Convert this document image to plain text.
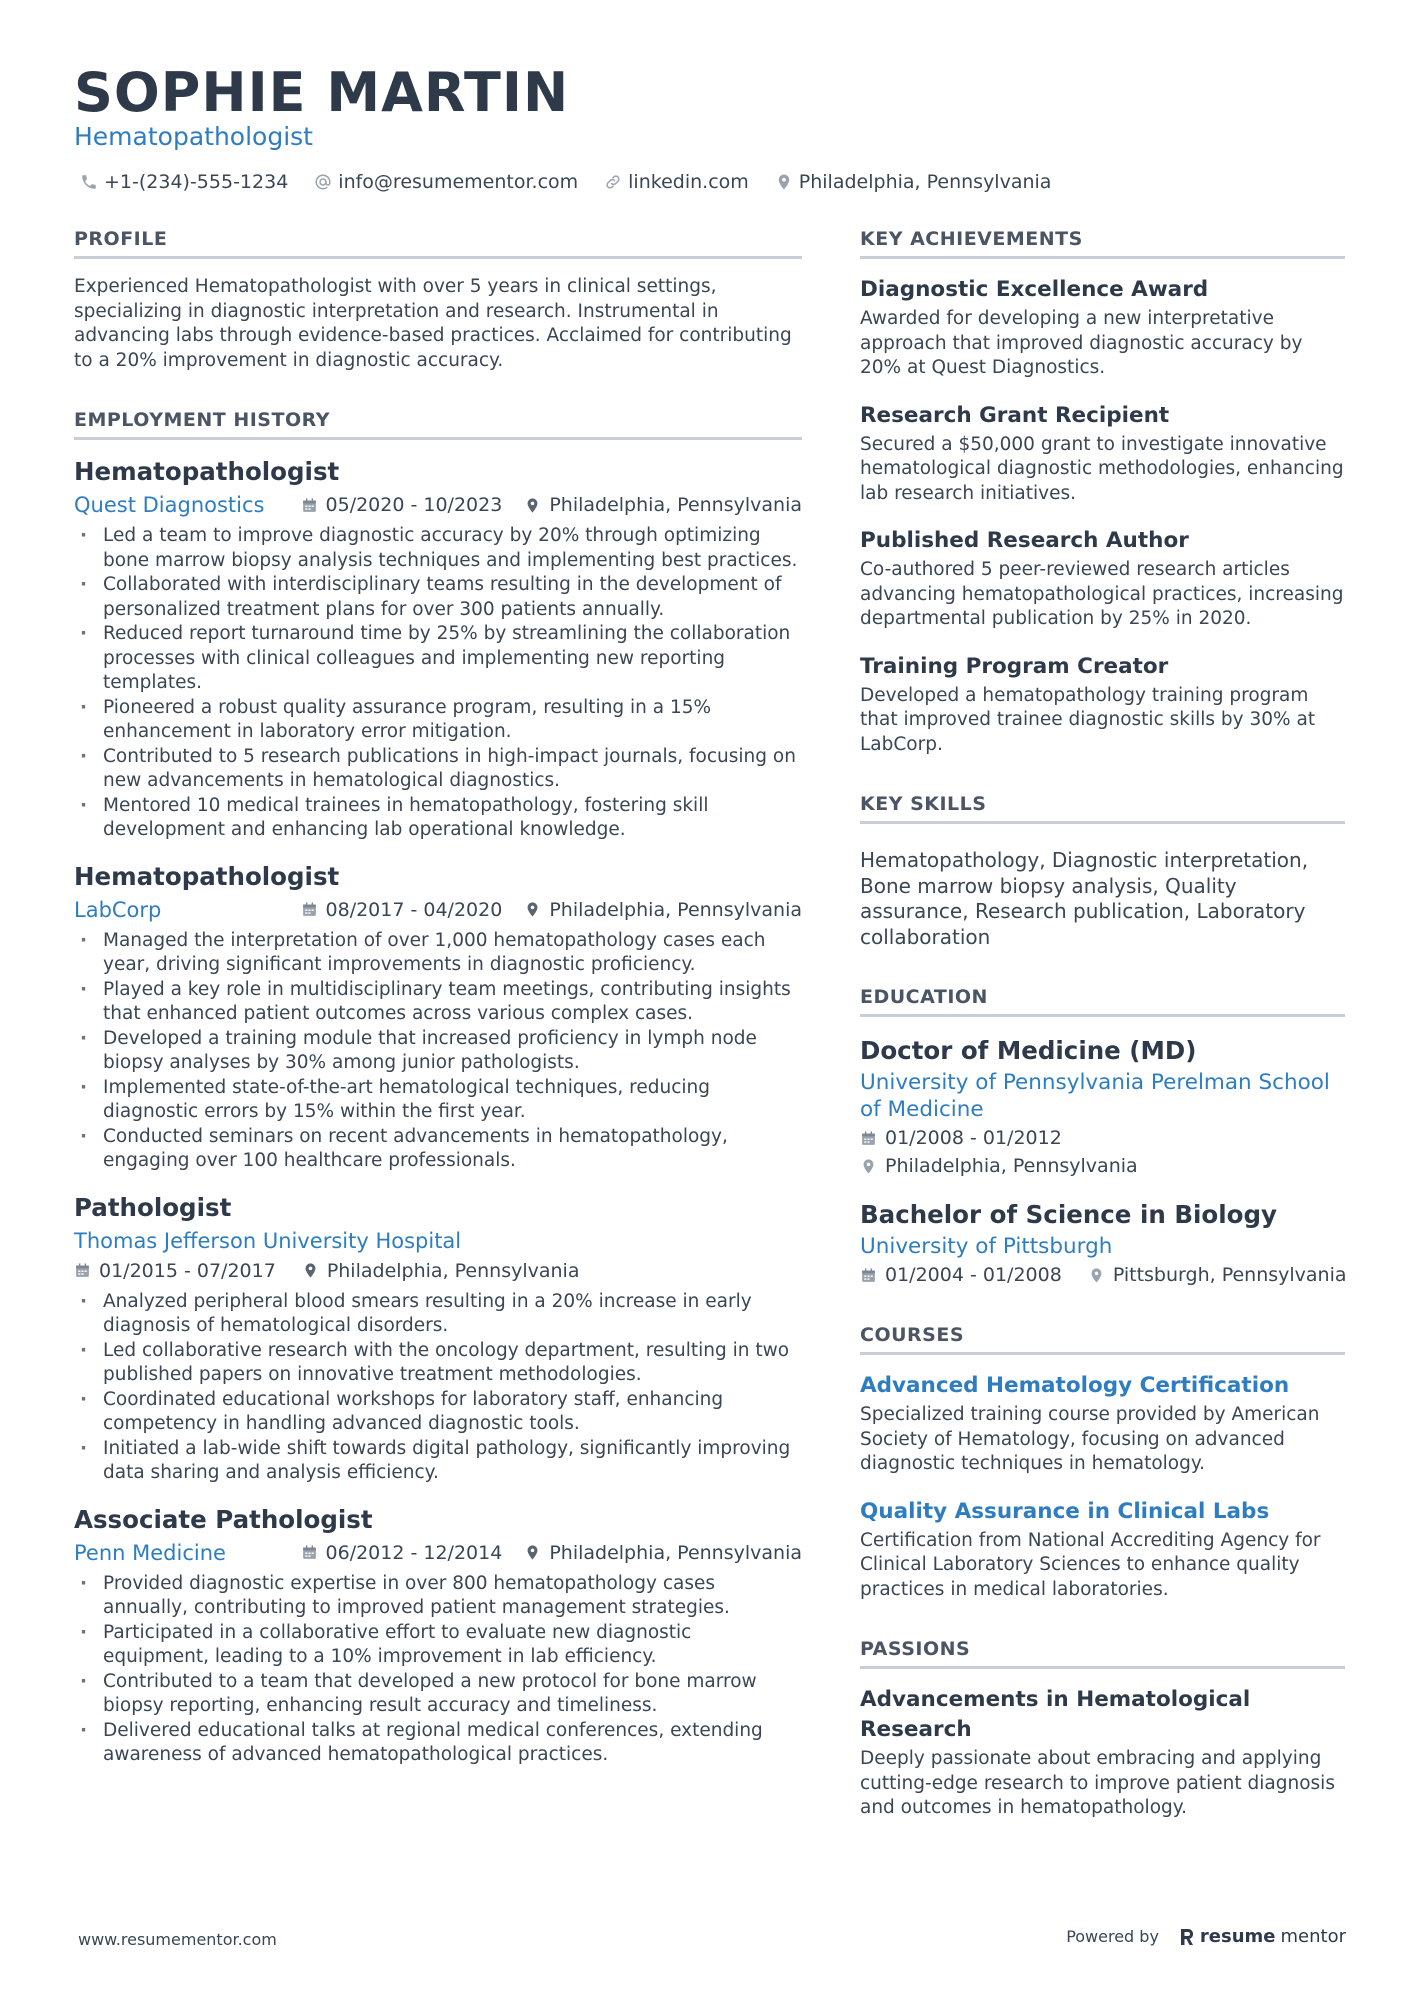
SOPHIE MARTIN

Hematopathologist

+1-(234)-555-1234	info@resumementor.com	linkedin.com	Philadelphia, Pennsylvania
PROFILE

Experienced Hematopathologist with over 5 years in clinical settings, specializing in diagnostic interpretation and research. Instrumental in advancing labs through evidence-based practices. Acclaimed for contributing to a 20% improvement in diagnostic accuracy.

EMPLOYMENT HISTORY
Hematopathologist
Quest Diagnostics	05/2020 - 10/2023 Philadelphia, Pennsylvania
· Led a team to improve diagnostic accuracy by 20% through optimizing bone marrow biopsy analysis techniques and implementing best practices.
· Collaborated with interdisciplinary teams resulting in the development of personalized treatment plans for over 300 patients annually.
· Reduced report turnaround time by 25% by streamlining the collaboration processes with clinical colleagues and implementing new reporting templates.
· Pioneered a robust quality assurance program, resulting in a 15% enhancement in laboratory error mitigation.
· Contributed to 5 research publications in high-impact journals, focusing on new advancements in hematological diagnostics.
· Mentored 10 medical trainees in hematopathology, fostering skill development and enhancing lab operational knowledge.
Hematopathologist
LabCorp	08/2017 - 04/2020 Philadelphia, Pennsylvania
· Managed the interpretation of over 1,000 hematopathology cases each year, driving significant improvements in diagnostic proficiency.
· Played a key role in multidisciplinary team meetings, contributing insights that enhanced patient outcomes across various complex cases.
· Developed a training module that increased proficiency in lymph node biopsy analyses by 30% among junior pathologists.
· Implemented state-of-the-art hematological techniques, reducing diagnostic errors by 15% within the first year.
· Conducted seminars on recent advancements in hematopathology, engaging over 100 healthcare professionals.
Pathologist
Thomas Jefferson University Hospital
01/2015 - 07/2017	Philadelphia, Pennsylvania
· Analyzed peripheral blood smears resulting in a 20% increase in early diagnosis of hematological disorders.
· Led collaborative research with the oncology department, resulting in two published papers on innovative treatment methodologies.
· Coordinated educational workshops for laboratory staff, enhancing competency in handling advanced diagnostic tools.
· Initiated a lab-wide shift towards digital pathology, significantly improving data sharing and analysis efficiency.
Associate Pathologist
Penn Medicine	06/2012 - 12/2014 Philadelphia, Pennsylvania
· Provided diagnostic expertise in over 800 hematopathology cases annually, contributing to improved patient management strategies.
· Participated in a collaborative effort to evaluate new diagnostic equipment, leading to a 10% improvement in lab efficiency.
· Contributed to a team that developed a new protocol for bone marrow biopsy reporting, enhancing result accuracy and timeliness.
· Delivered educational talks at regional medical conferences, extending awareness of advanced hematopathological practices.
KEY ACHIEVEMENTS
Diagnostic Excellence Award

Awarded for developing a new interpretative approach that improved diagnostic accuracy by 20% at Quest Diagnostics.

Research Grant Recipient

Secured a $50,000 grant to investigate innovative hematological diagnostic methodologies, enhancing lab research initiatives.

Published Research Author

Co-authored 5 peer-reviewed research articles advancing hematopathological practices, increasing departmental publication by 25% in 2020.

Training Program Creator

Developed a hematopathology training program that improved trainee diagnostic skills by 30% at LabCorp.

KEY SKILLS

Hematopathology, Diagnostic interpretation, Bone marrow biopsy analysis, Quality assurance, Research publication, Laboratory collaboration

EDUCATION
Doctor of Medicine (MD)

University of Pennsylvania Perelman School of Medicine

01/2008 - 01/2012
Philadelphia, Pennsylvania
Bachelor of Science in Biology

University of Pittsburgh

01/2004 - 01/2008	Pittsburgh, Pennsylvania
COURSES
Advanced Hematology Certification

Specialized training course provided by American Society of Hematology, focusing on advanced diagnostic techniques in hematology.

Quality Assurance in Clinical Labs

Certification from National Accrediting Agency for Clinical Laboratory Sciences to enhance quality practices in medical laboratories.

PASSIONS
Advancements in Hematological Research

Deeply passionate about embracing and applying cutting-edge research to improve patient diagnosis and outcomes in hematopathology.

www.resumementor.com	Powered by resume mentor
